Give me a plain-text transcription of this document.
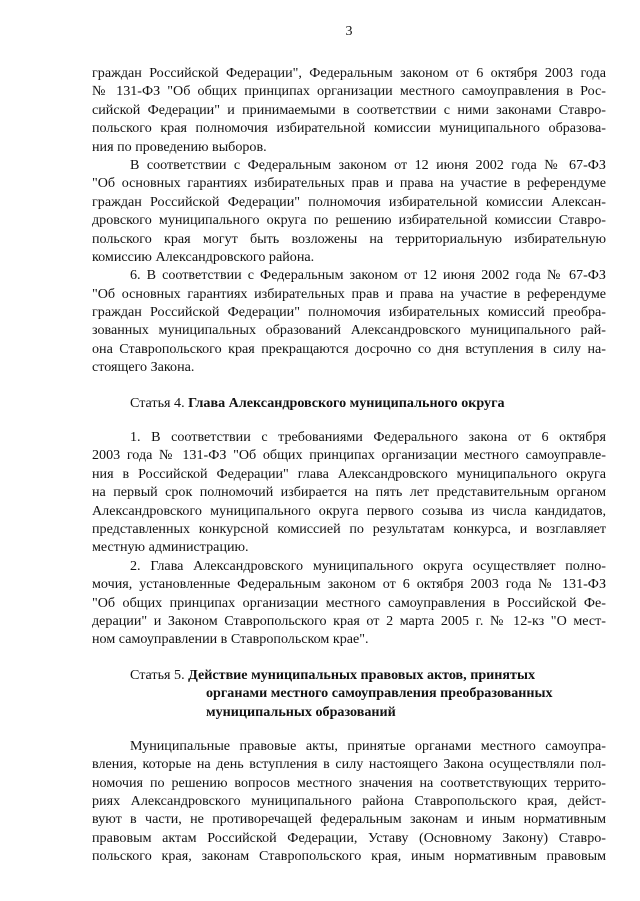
3
граждан Российской Федерации", Федеральным законом от 6 октября 2003 года
№ 131-ФЗ "Об общих принципах организации местного самоуправления в Рос-
сийской Федерации" и принимаемыми в соответствии с ними законами Ставро-
польского края полномочия избирательной комиссии муниципального образова-
ния по проведению выборов.
В соответствии с Федеральным законом от 12 июня 2002 года № 67-ФЗ
"Об основных гарантиях избирательных прав и права на участие в референдуме
граждан Российской Федерации" полномочия избирательной комиссии Алексан-
дровского муниципального округа по решению избирательной комиссии Ставро-
польского края могут быть возложены на территориальную избирательную
комиссию Александровского района.
6. В соответствии с Федеральным законом от 12 июня 2002 года № 67-ФЗ
"Об основных гарантиях избирательных прав и права на участие в референдуме
граждан Российской Федерации" полномочия избирательных комиссий преобра-
зованных муниципальных образований Александровского муниципального рай-
она Ставропольского края прекращаются досрочно со дня вступления в силу на-
стоящего Закона.
Статья 4. Глава Александровского муниципального округа
1. В соответствии с требованиями Федерального закона от 6 октября
2003 года № 131-ФЗ "Об общих принципах организации местного самоуправле-
ния в Российской Федерации" глава Александровского муниципального округа
на первый срок полномочий избирается на пять лет представительным органом
Александровского муниципального округа первого созыва из числа кандидатов,
представленных конкурсной комиссией по результатам конкурса, и возглавляет
местную администрацию.
2. Глава Александровского муниципального округа осуществляет полно-
мочия, установленные Федеральным законом от 6 октября 2003 года № 131-ФЗ
"Об общих принципах организации местного самоуправления в Российской Фе-
дерации" и Законом Ставропольского края от 2 марта 2005 г. № 12-кз "О мест-
ном самоуправлении в Ставропольском крае".
Статья 5. Действие муниципальных правовых актов, принятых
органами местного самоуправления преобразованных
муниципальных образований
Муниципальные правовые акты, принятые органами местного самоупра-
вления, которые на день вступления в силу настоящего Закона осуществляли пол-
номочия по решению вопросов местного значения на соответствующих террито-
риях Александровского муниципального района Ставропольского края, дейст-
вуют в части, не противоречащей федеральным законам и иным нормативным
правовым актам Российской Федерации, Уставу (Основному Закону) Ставро-
польского края, законам Ставропольского края, иным нормативным правовым
